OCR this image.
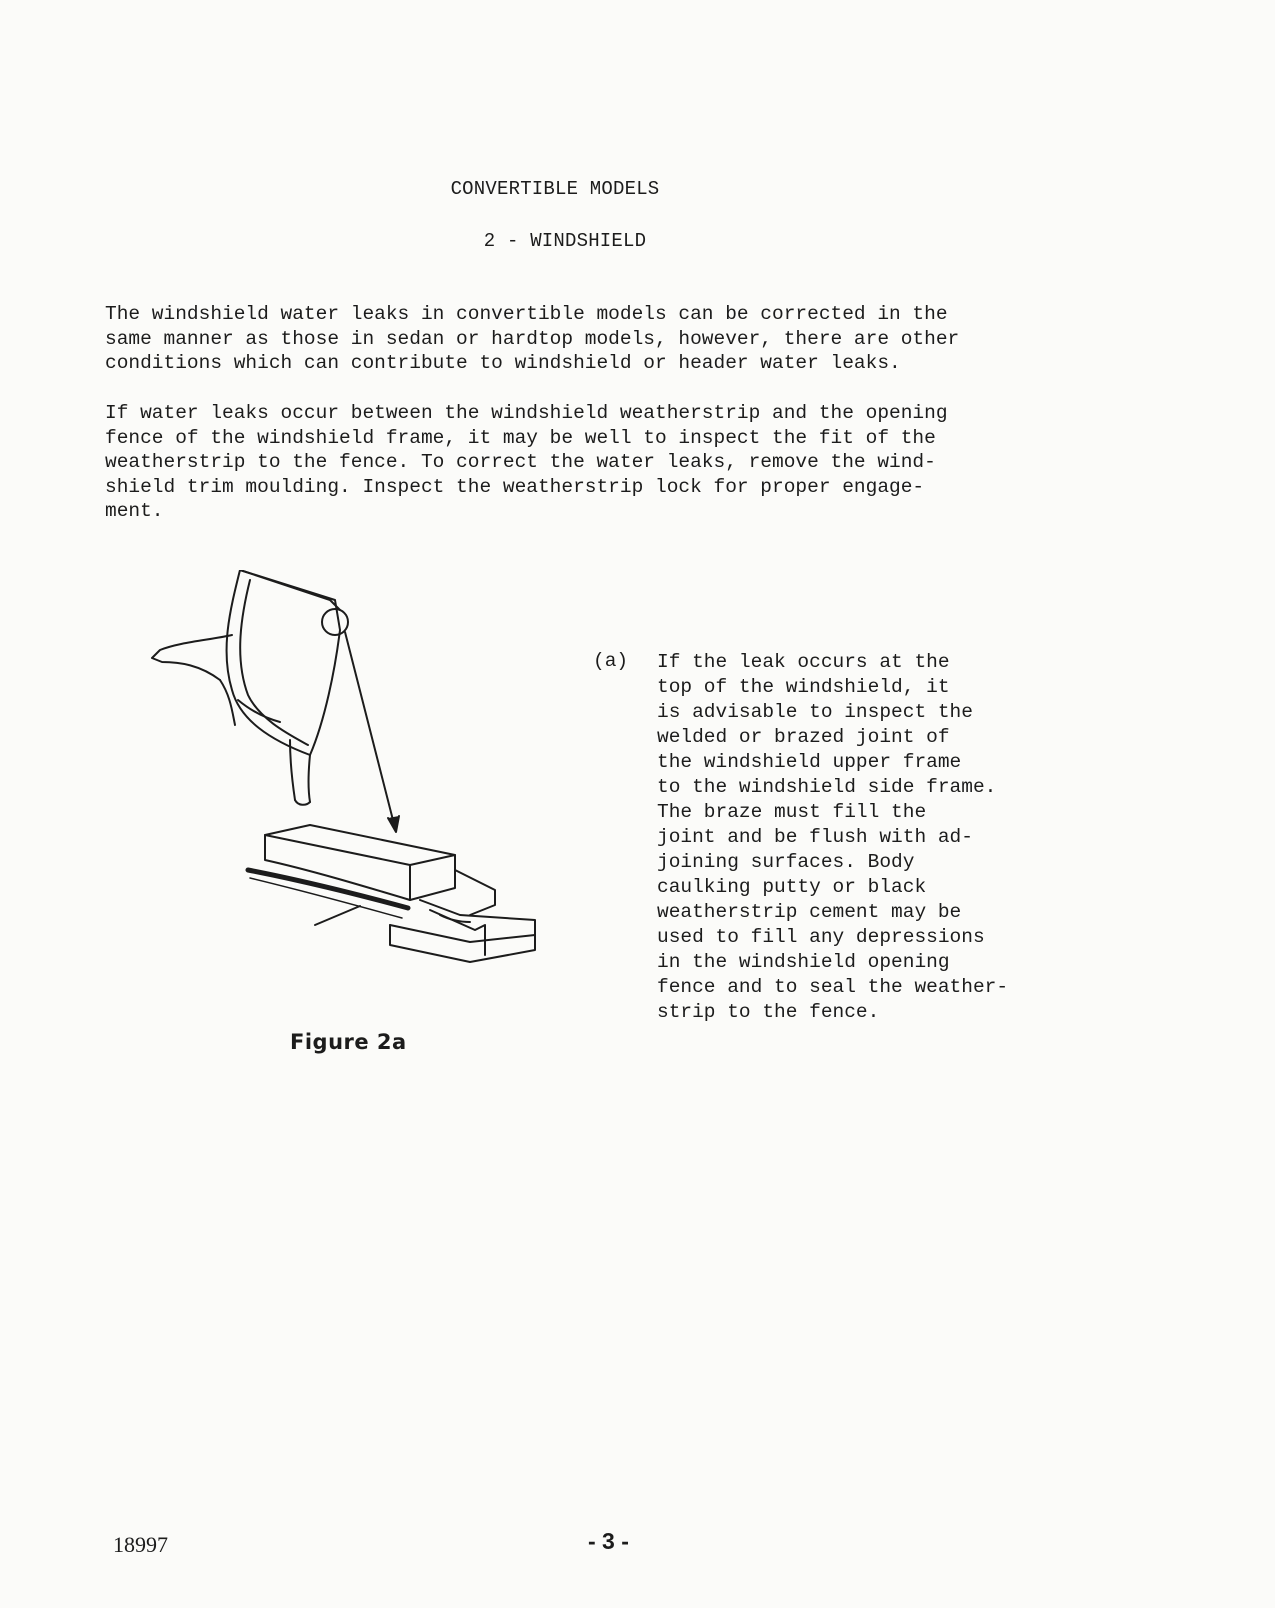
CONVERTIBLE MODELS
2 - WINDSHIELD
The windshield water leaks in convertible models can be corrected in the
same manner as those in sedan or hardtop models, however, there are other
conditions which can contribute to windshield or header water leaks.
If water leaks occur between the windshield weatherstrip and the opening
fence of the windshield frame, it may be well to inspect the fit of the
weatherstrip to the fence. To correct the water leaks, remove the wind-
shield trim moulding. Inspect the weatherstrip lock for proper engage-
ment.
Figure 2a
(a) If the leak occurs at the
top of the windshield, it
is advisable to inspect the
welded or brazed joint of
the windshield upper frame
to the windshield side frame.
The braze must fill the
joint and be flush with ad-
joining surfaces. Body
caulking putty or black
weatherstrip cement may be
used to fill any depressions
in the windshield opening
fence and to seal the weather-
strip to the fence.
18997	- 3 -
